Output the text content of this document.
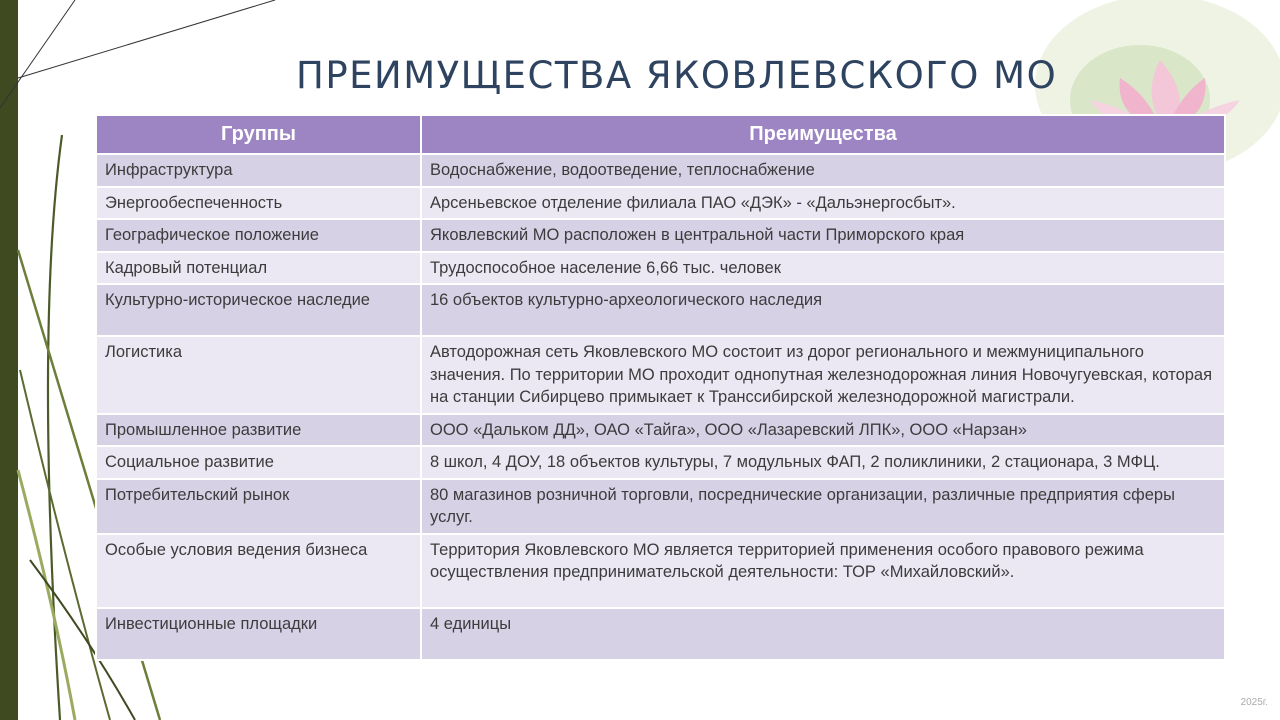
ПРЕИМУЩЕСТВА ЯКОВЛЕВСКОГО МО
Группы	Преимущества
Инфраструктура	Водоснабжение, водоотведение, теплоснабжение
Энергообеспеченность	Арсеньевское отделение филиала ПАО «ДЭК» - «Дальэнергосбыт».
Географическое положение	Яковлевский МО расположен в центральной части Приморского края
Кадровый потенциал	Трудоспособное население 6,66 тыс. человек
Культурно-историческое наследие	16 объектов культурно-археологического наследия
Логистика	Автодорожная сеть Яковлевского МО состоит из дорог регионального и межмуниципального значения. По территории МО проходит однопутная железнодорожная линия Новочугуевская, которая на станции Сибирцево примыкает к Транссибирской железнодорожной магистрали.
Промышленное развитие	ООО «Дальком ДД», ОАО «Тайга», ООО «Лазаревский ЛПК», ООО «Нарзан»
Социальное развитие	8 школ, 4 ДОУ, 18 объектов культуры, 7 модульных ФАП, 2 поликлиники, 2 стационара, 3 МФЦ.
Потребительский рынок	80 магазинов розничной торговли, посреднические организации, различные предприятия сферы услуг.
Особые условия ведения бизнеса	Территория Яковлевского МО является территорией применения особого правового режима осуществления предпринимательской деятельности: ТОР «Михайловский».
Инвестиционные площадки	4 единицы
2025г.
